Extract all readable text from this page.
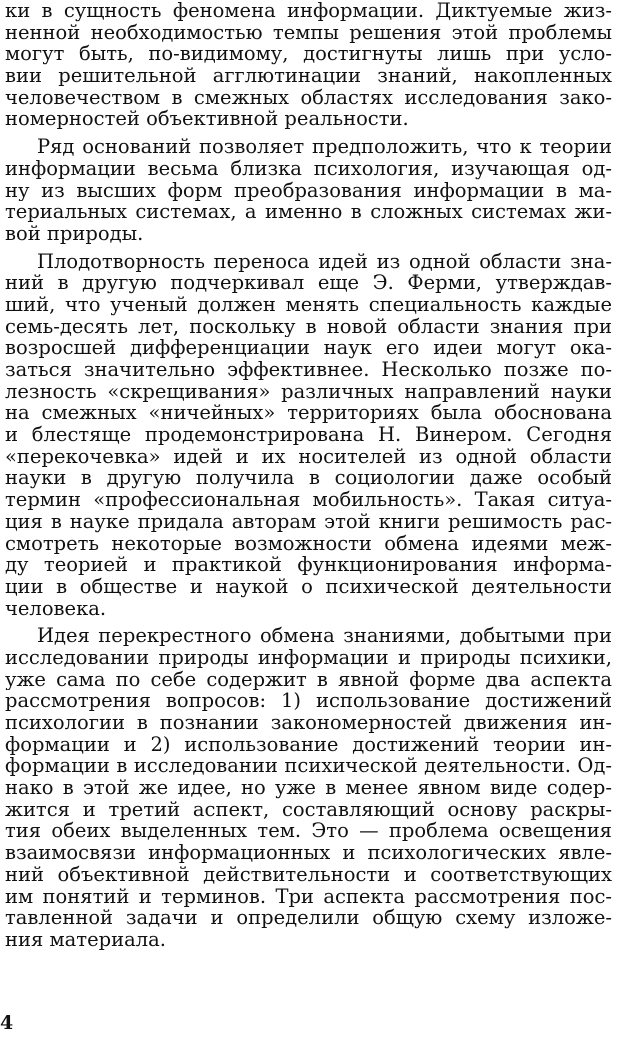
ки в сущность феномена информации. Диктуемые жиз-
ненной необходимостью темпы решения этой проблемы
могут быть, по-видимому, достигнуты лишь при усло-
вии решительной агглютинации знаний, накопленных
человечеством в смежных областях исследования зако-
номерностей объективной реальности.
Ряд оснований позволяет предположить, что к теории
информации весьма близка психология, изучающая од-
ну из высших форм преобразования информации в ма-
териальных системах, а именно в сложных системах жи-
вой природы.
Плодотворность переноса идей из одной области зна-
ний в другую подчеркивал еще Э. Ферми, утверждав-
ший, что ученый должен менять специальность каждые
семь-десять лет, поскольку в новой области знания при
возросшей дифференциации наук его идеи могут ока-
заться значительно эффективнее. Несколько позже по-
лезность «скрещивания» различных направлений науки
на смежных «ничейных» территориях была обоснована
и блестяще продемонстрирована Н. Винером. Сегодня
«перекочевка» идей и их носителей из одной области
науки в другую получила в социологии даже особый
термин «профессиональная мобильность». Такая ситуа-
ция в науке придала авторам этой книги решимость рас-
смотреть некоторые возможности обмена идеями меж-
ду теорией и практикой функционирования информа-
ции в обществе и наукой о психической деятельности
человека.
Идея перекрестного обмена знаниями, добытыми при
исследовании природы информации и природы психики,
уже сама по себе содержит в явной форме два аспекта
рассмотрения вопросов: 1) использование достижений
психологии в познании закономерностей движения ин-
формации и 2) использование достижений теории ин-
формации в исследовании психической деятельности. Од-
нако в этой же идее, но уже в менее явном виде содер-
жится и третий аспект, составляющий основу раскры-
тия обеих выделенных тем. Это — проблема освещения
взаимосвязи информационных и психологических явле-
ний объективной действительности и соответствующих
им понятий и терминов. Три аспекта рассмотрения пос-
тавленной задачи и определили общую схему изложе-
ния материала.
4
